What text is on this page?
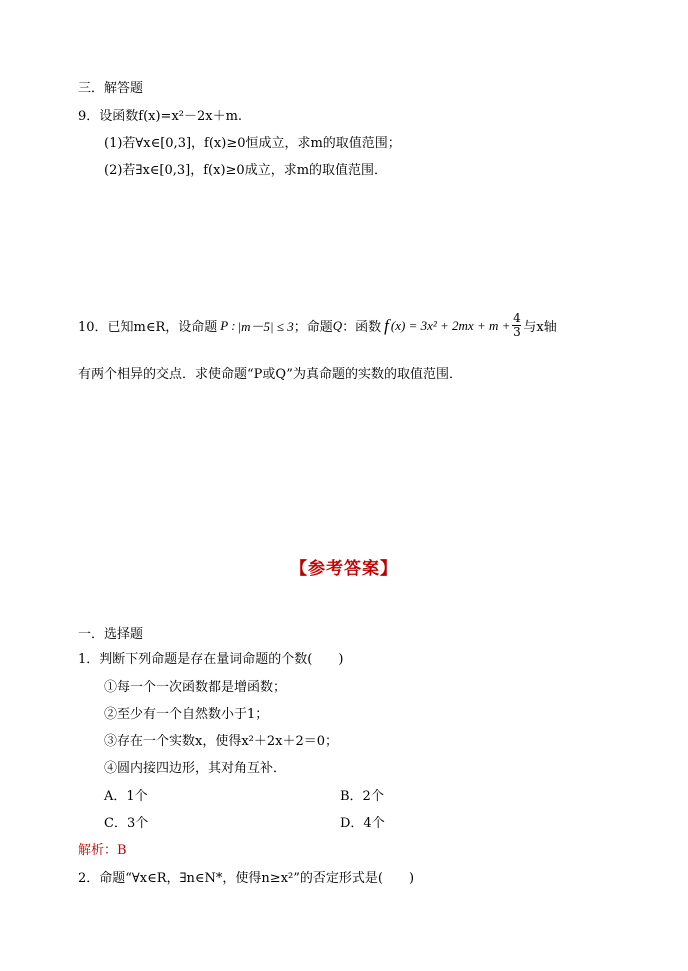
三．解答题
9．设函数f(x)=x²－2x＋m.
(1)若∀x∈[0,3]，f(x)≥0恒成立，求m的取值范围；
(2)若∃x∈[0,3]，f(x)≥0成立，求m的取值范围．
10．已知m∈R，设命题 P : |m－5| ≤ 3 ；命题 Q ：函数 f $(x) = 3x^2 + 2mx + m + \frac{4}{3}$ 与x轴
有两个相异的交点．求使命题“P或Q”为真命题的实数的取值范围．
【参考答案】
一．选择题
1．判断下列命题是存在量词命题的个数(　　)
①每一个一次函数都是增函数；
②至少有一个自然数小于1；
③存在一个实数x，使得x²＋2x＋2＝0；
④圆内接四边形，其对角互补．
A．1个	B．2个
C．3个	D．4个
解析：B
2．命题“∀x∈R，∃n∈N*，使得n≥x²”的否定形式是(　　)
